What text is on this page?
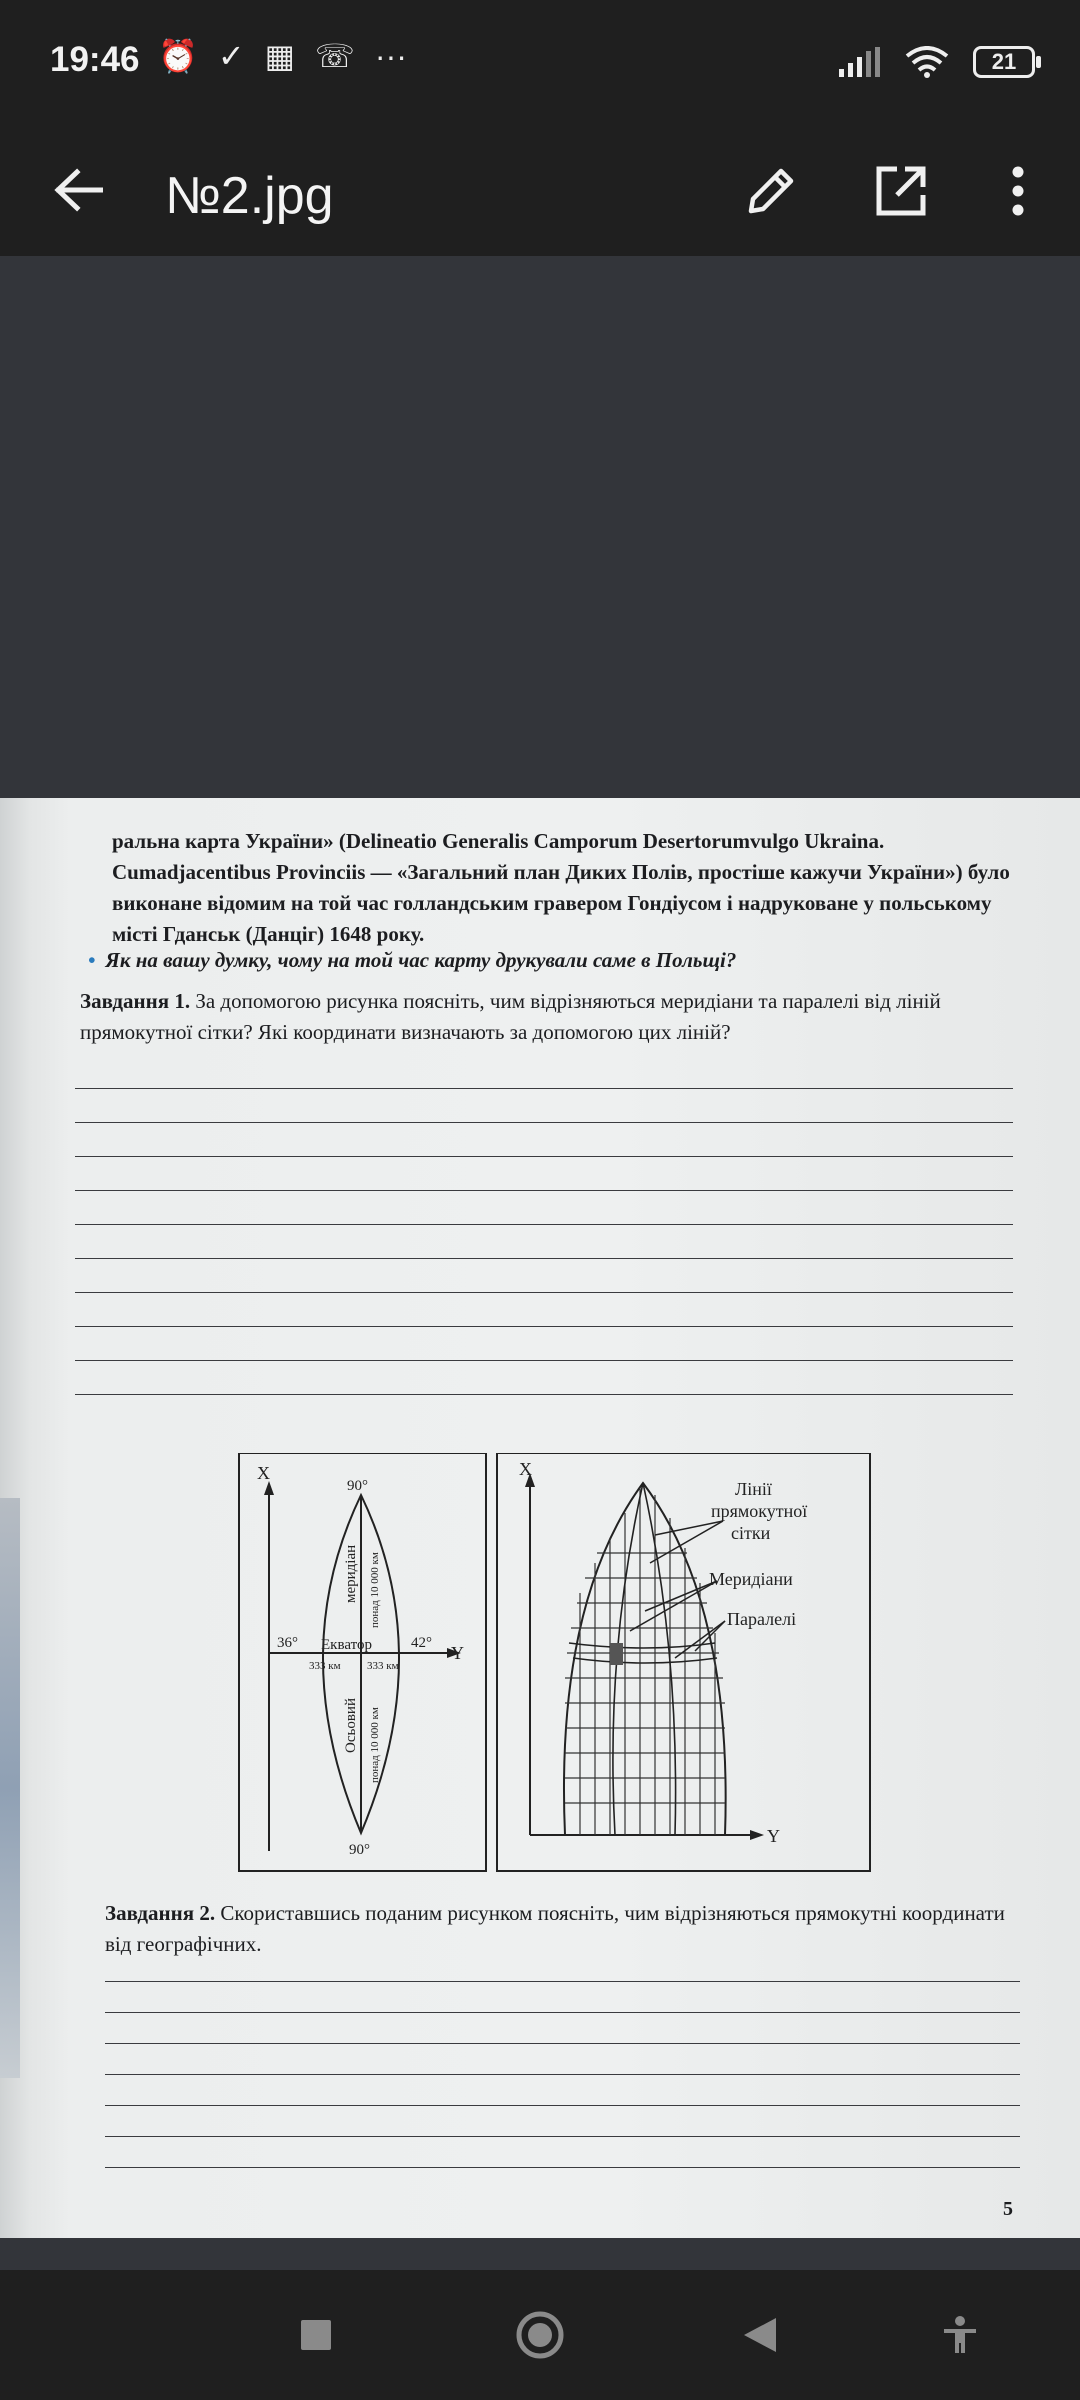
19:46 ⏰ ✓ ▦ ☏ ···	21
№2.jpg
ральна карта України» (Delineatio Generalis Camporum Desertorumvulgo Ukraina. Cumadjacentibus Provinciis — «Загальний план Диких Полів, простіше кажучи України») було виконане відомим на той час голландським гравером Гондіусом і надруковане у польському місті Гданськ (Данціг) 1648 року.
• Як на вашу думку, чому на той час карту друкували саме в Польщі?
Завдання 1. За допомогою рисунка поясніть, чим відрізняються меридіани та паралелі від ліній прямокутної сітки? Які координати визначають за допомогою цих ліній?
X
Y
90°
90°
36°	42°
Екватор
333 км 333 км
меридіан понад 10 000 км
Осьовий понад 10 000 км
X
Y
Лінії
прямокутної
сітки
Меридіани
Паралелі
Завдання 2. Скориставшись поданим рисунком поясніть, чим відрізняються прямокутні координати від географічних.
5
